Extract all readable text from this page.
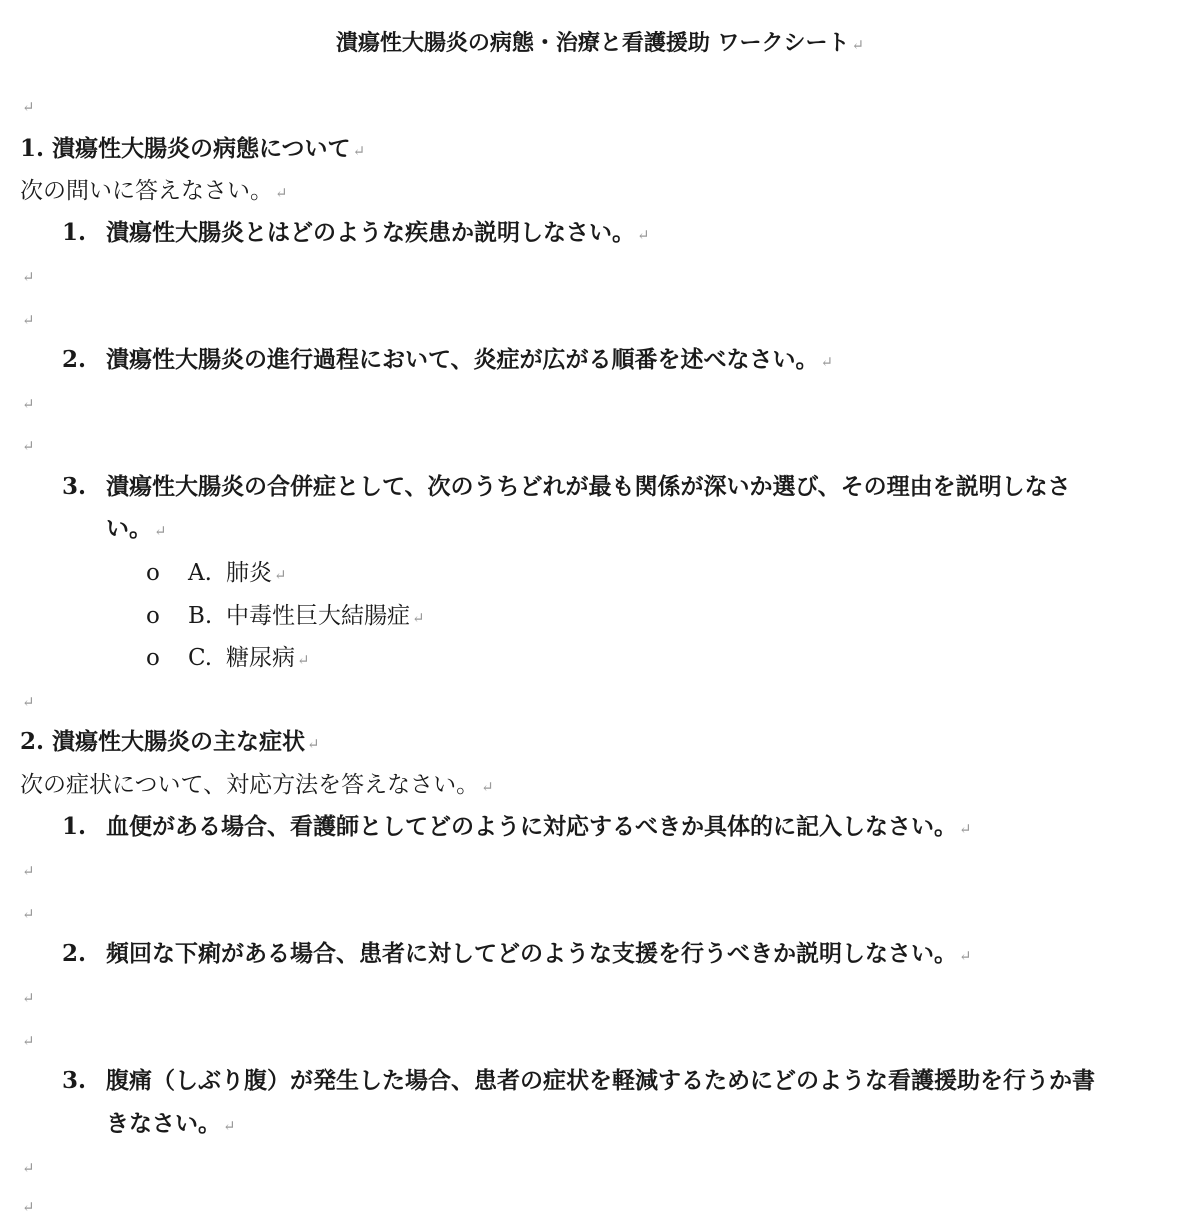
潰瘍性大腸炎の病態・治療と看護援助 ワークシート ↵
↵
1. 潰瘍性大腸炎の病態について ↵
次の問いに答えなさい。 ↵
1. 潰瘍性大腸炎とはどのような疾患か説明しなさい。 ↵
↵
↵
2. 潰瘍性大腸炎の進行過程において、炎症が広がる順番を述べなさい。 ↵
↵
↵
3. 潰瘍性大腸炎の合併症として、次のうちどれが最も関係が深いか選び、その理由を説明しなさ
い。 ↵
o A. 肺炎 ↵
o B. 中毒性巨大結腸症 ↵
o C. 糖尿病 ↵
↵
2. 潰瘍性大腸炎の主な症状 ↵
次の症状について、対応方法を答えなさい。 ↵
1. 血便がある場合、看護師としてどのように対応するべきか具体的に記入しなさい。 ↵
↵
↵
2. 頻回な下痢がある場合、患者に対してどのような支援を行うべきか説明しなさい。 ↵
↵
↵
3. 腹痛（しぶり腹）が発生した場合、患者の症状を軽減するためにどのような看護援助を行うか書
きなさい。 ↵
↵
↵
